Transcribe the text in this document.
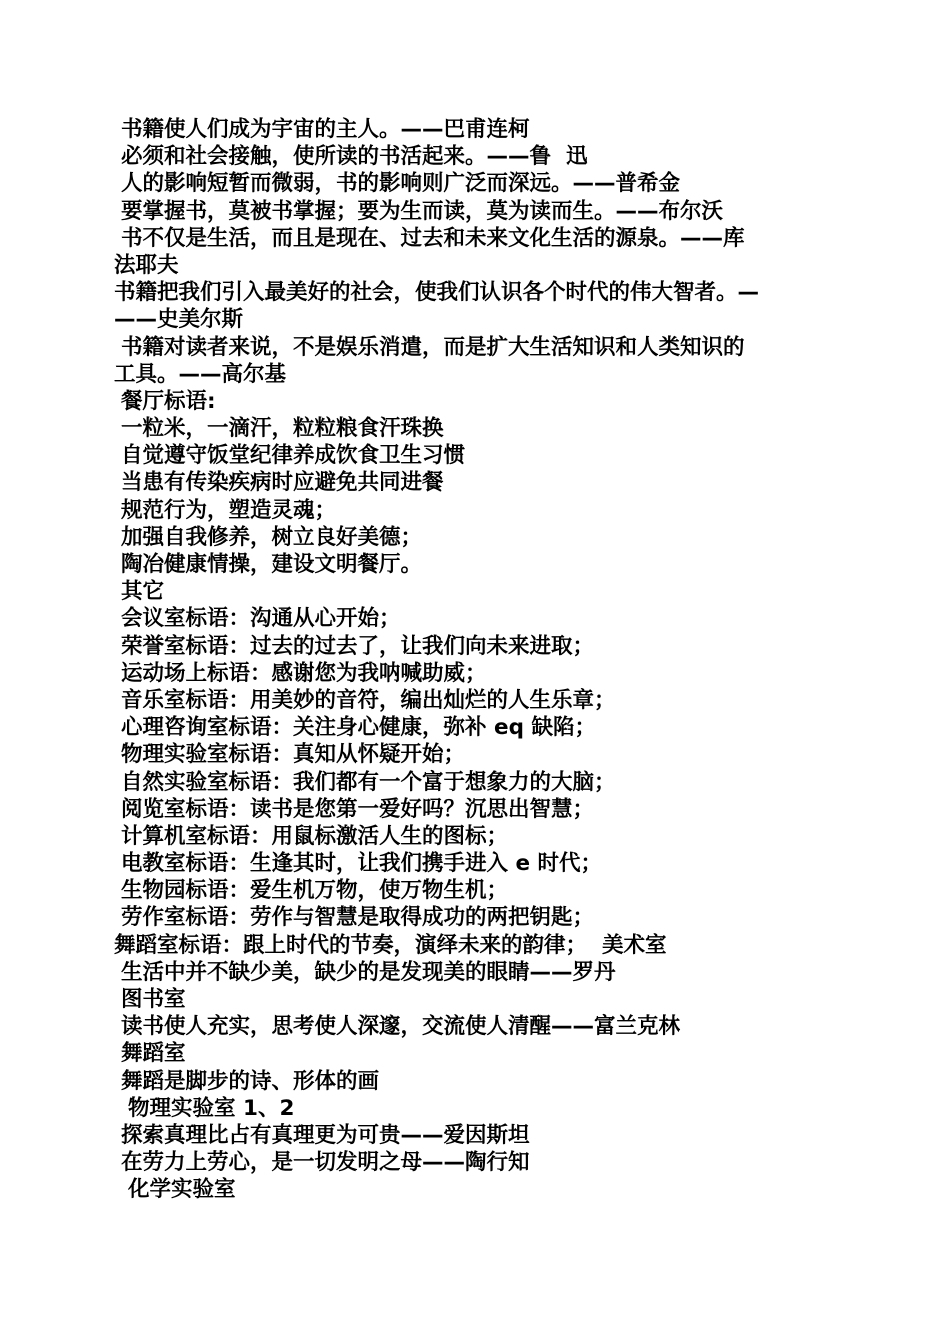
书籍使人们成为宇宙的主人。——巴甫连柯
必须和社会接触，使所读的书活起来。——鲁  迅
人的影响短暂而微弱，书的影响则广泛而深远。——普希金
要掌握书，莫被书掌握；要为生而读，莫为读而生。——布尔沃
书不仅是生活，而且是现在、过去和未来文化生活的源泉。——库
法耶夫
书籍把我们引入最美好的社会，使我们认识各个时代的伟大智者。—
——史美尔斯
书籍对读者来说，不是娱乐消遣，而是扩大生活知识和人类知识的
工具。——高尔基
餐厅标语:
一粒米，一滴汗，粒粒粮食汗珠换
自觉遵守饭堂纪律养成饮食卫生习惯
当患有传染疾病时应避免共同进餐
规范行为，塑造灵魂；
加强自我修养，树立良好美德；
陶冶健康情操，建设文明餐厅。
其它
会议室标语：沟通从心开始；
荣誉室标语：过去的过去了，让我们向未来进取；
运动场上标语：感谢您为我呐喊助威；
音乐室标语：用美妙的音符，编出灿烂的人生乐章；
心理咨询室标语：关注身心健康，弥补 eq 缺陷；
物理实验室标语：真知从怀疑开始；
自然实验室标语：我们都有一个富于想象力的大脑；
阅览室标语：读书是您第一爱好吗？沉思出智慧；
计算机室标语：用鼠标激活人生的图标；
电教室标语：生逢其时，让我们携手进入 e 时代；
生物园标语：爱生机万物，使万物生机；
劳作室标语：劳作与智慧是取得成功的两把钥匙；
舞蹈室标语：跟上时代的节奏，演绎未来的韵律；  美术室
生活中并不缺少美，缺少的是发现美的眼睛——罗丹
图书室
读书使人充实，思考使人深邃，交流使人清醒——富兰克林
舞蹈室
舞蹈是脚步的诗、形体的画
物理实验室 1、2
探索真理比占有真理更为可贵——爱因斯坦
在劳力上劳心，是一切发明之母——陶行知
化学实验室
